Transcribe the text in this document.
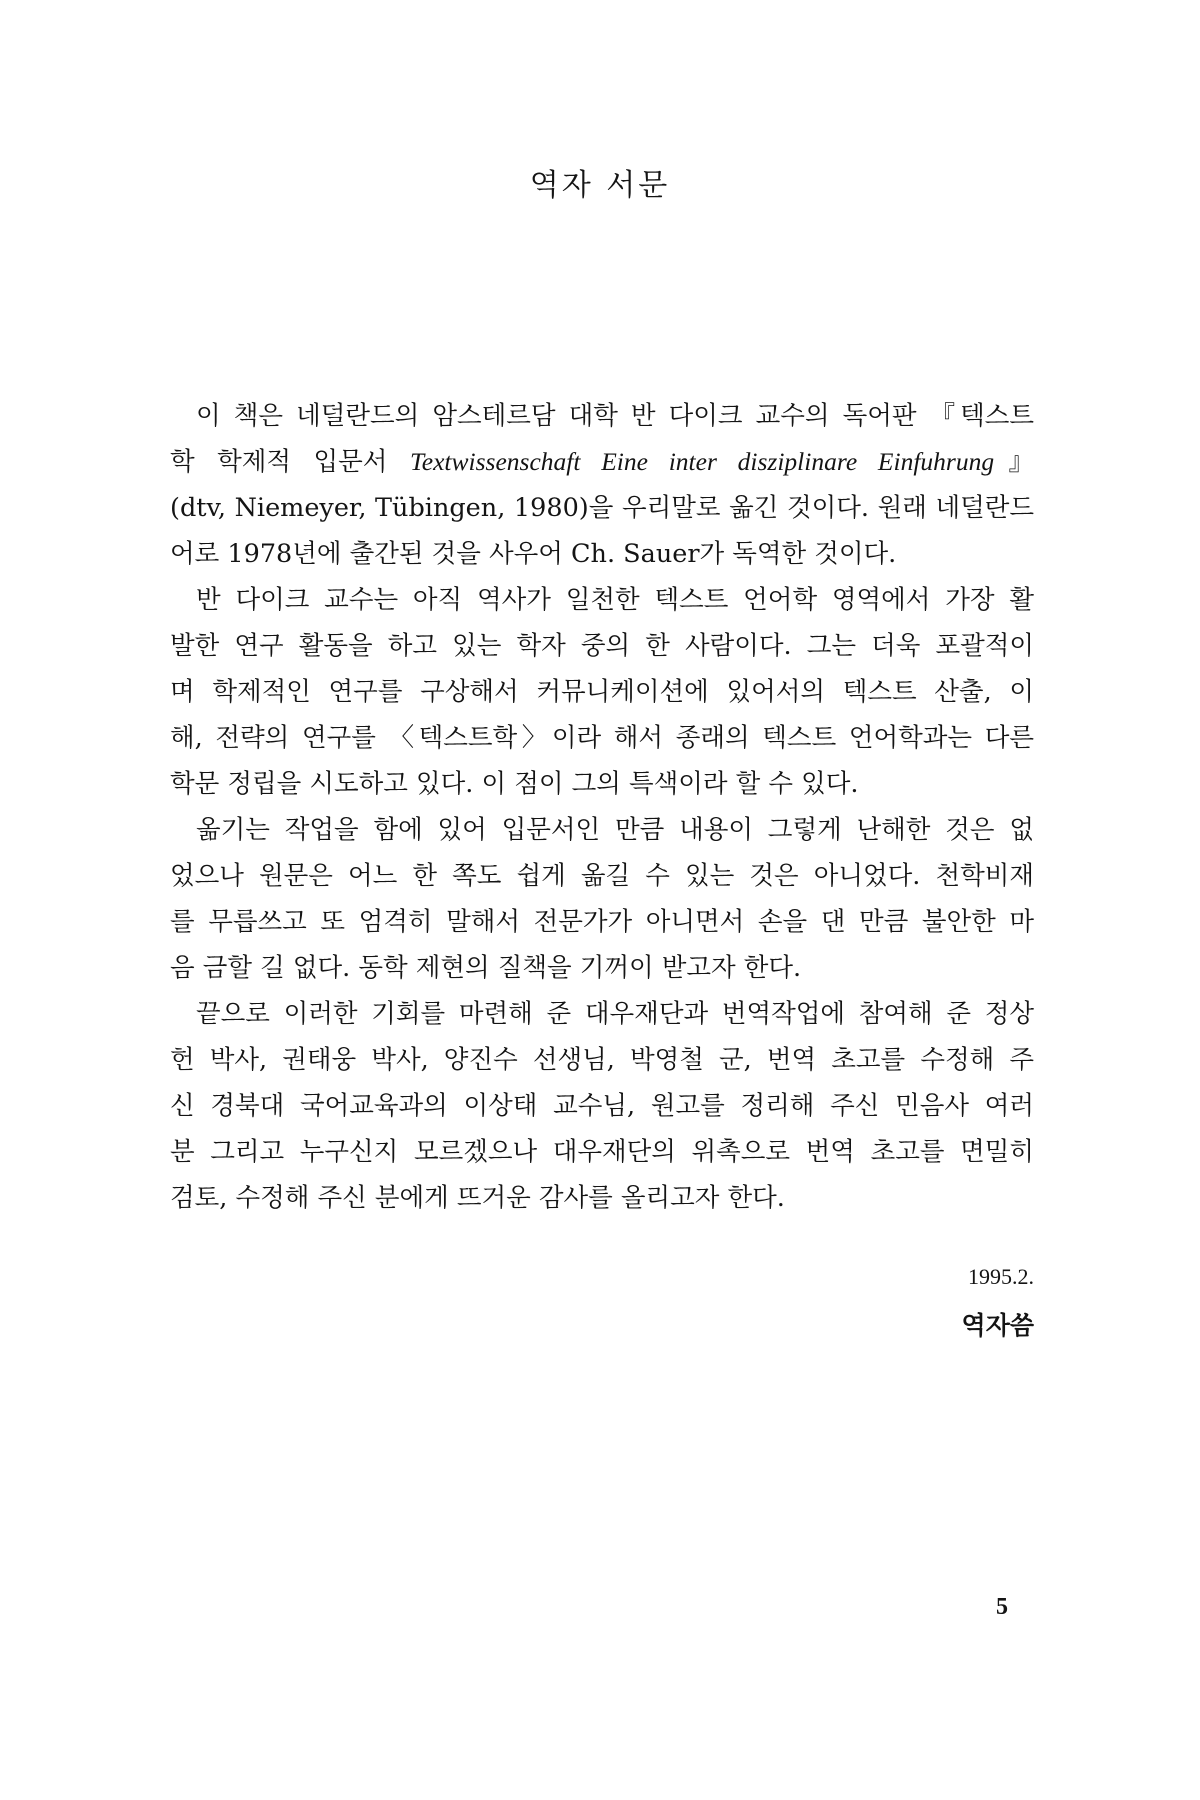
역자 서문
이 책은 네덜란드의 암스테르담 대학 반 다이크 교수의 독어판 『텍스트
학 학제적 입문서 Textwissenschaft Eine inter disziplinare Einfuhrung』
(dtv, Niemeyer, Tübingen, 1980)을 우리말로 옮긴 것이다. 원래 네덜란드
어로 1978년에 출간된 것을 사우어 Ch. Sauer가 독역한 것이다.
반 다이크 교수는 아직 역사가 일천한 텍스트 언어학 영역에서 가장 활
발한 연구 활동을 하고 있는 학자 중의 한 사람이다. 그는 더욱 포괄적이
며 학제적인 연구를 구상해서 커뮤니케이션에 있어서의 텍스트 산출, 이
해, 전략의 연구를 〈텍스트학〉이라 해서 종래의 텍스트 언어학과는 다른
학문 정립을 시도하고 있다. 이 점이 그의 특색이라 할 수 있다.
옮기는 작업을 함에 있어 입문서인 만큼 내용이 그렇게 난해한 것은 없
었으나 원문은 어느 한 쪽도 쉽게 옮길 수 있는 것은 아니었다. 천학비재
를 무릅쓰고 또 엄격히 말해서 전문가가 아니면서 손을 댄 만큼 불안한 마
음 금할 길 없다. 동학 제현의 질책을 기꺼이 받고자 한다.
끝으로 이러한 기회를 마련해 준 대우재단과 번역작업에 참여해 준 정상
헌 박사, 권태웅 박사, 양진수 선생님, 박영철 군, 번역 초고를 수정해 주
신 경북대 국어교육과의 이상태 교수님, 원고를 정리해 주신 민음사 여러
분 그리고 누구신지 모르겠으나 대우재단의 위촉으로 번역 초고를 면밀히
검토, 수정해 주신 분에게 뜨거운 감사를 올리고자 한다.
1995.2.
역자씀
5
